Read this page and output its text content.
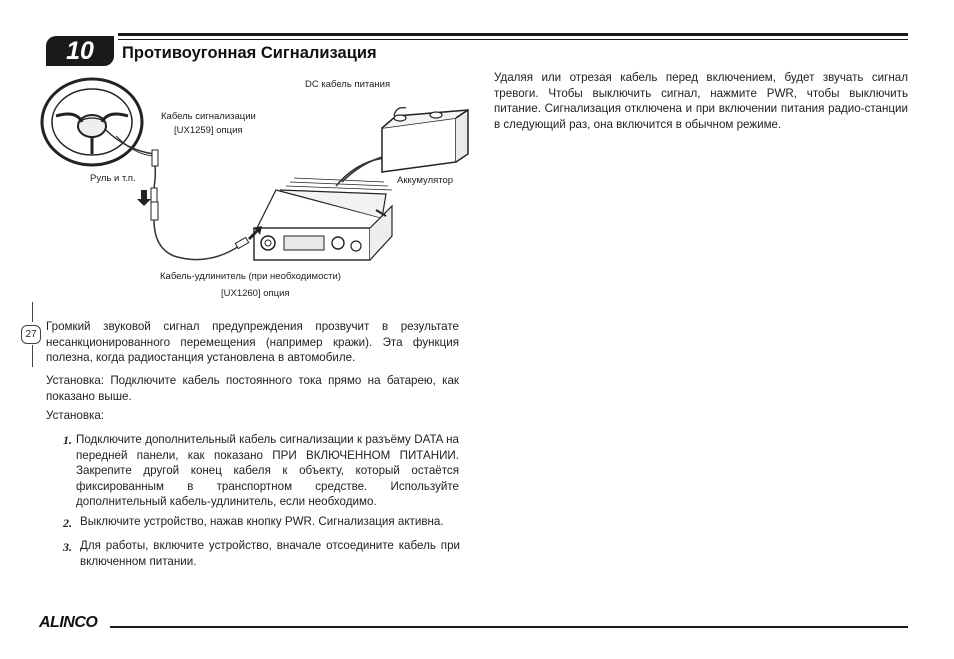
10	Противоугонная Сигнализация
DC кабель питания
Кабель сигнализации
[UX1259] опция
Руль и т.п.	Аккумулятор
Кабель-удлинитель (при необходимости)
[UX1260] опция
27
Громкий звуковой сигнал предупреждения прозвучит в результате несанкционированного перемещения (например кражи). Эта функция полезна, когда радиостанция установлена в автомобиле.
Установка: Подключите кабель постоянного тока прямо на батарею, как показано выше.
Установка:
1. Подключите дополнительный кабель сигнализации к разъёму DATA на передней панели, как показано ПРИ ВКЛЮЧЕННОМ ПИТАНИИ. Закрепите другой конец кабеля к объекту, который остаётся фиксированным в транспортном средстве. Используйте дополнительный кабель-удлинитель, если необходимо.
2. Выключите устройство, нажав кнопку PWR. Сигнализация активна.
3. Для работы, включите устройство, вначале отсоедините кабель при включенном питании.
Удаляя или отрезая кабель перед включением, будет звучать сигнал тревоги. Чтобы выключить сигнал, нажмите PWR, чтобы выключить питание. Сигнализация отключена и при включении питания радио-станции в следующий раз, она включится в обычном режиме.
ALINCO
